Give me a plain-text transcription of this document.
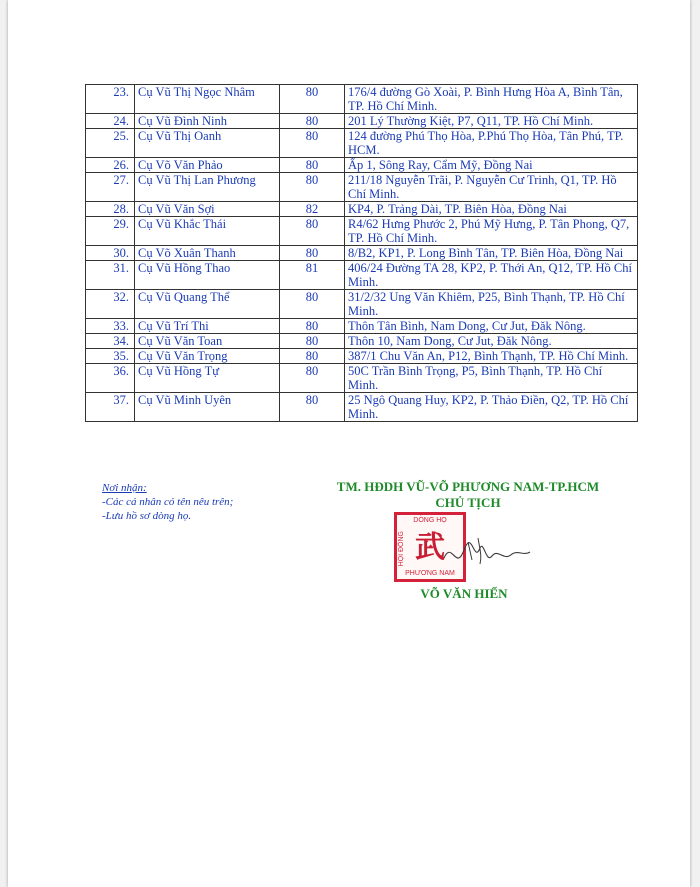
23.	Cụ Vũ Thị Ngọc Nhâm	80	176/4 đường Gò Xoài, P. Bình Hưng Hòa A, Bình Tân, TP. Hồ Chí Minh.
24.	Cụ Vũ Đình Ninh	80	201 Lý Thường Kiệt, P7, Q11, TP. Hồ Chí Minh.
25.	Cụ Vũ Thị Oanh	80	124 đường Phú Thọ Hòa, P.Phú Thọ Hòa, Tân Phú, TP. HCM.
26.	Cụ Võ Văn Phảo	80	Ấp 1, Sông Ray, Cẩm Mỹ, Đồng Nai
27.	Cụ Vũ Thị Lan Phương	80	211/18 Nguyễn Trãi, P. Nguyễn Cư Trinh, Q1, TP. Hồ Chí Minh.
28.	Cụ Vũ Văn Sợi	82	KP4, P. Trảng Dài, TP. Biên Hòa, Đồng Nai
29.	Cụ Vũ Khắc Thái	80	R4/62 Hưng Phước 2, Phú Mỹ Hưng, P. Tân Phong, Q7, TP. Hồ Chí Minh.
30.	Cụ Võ Xuân Thanh	80	8/B2, KP1, P. Long Bình Tân, TP. Biên Hòa, Đồng Nai
31.	Cụ Vũ Hồng Thao	81	406/24 Đường TA 28, KP2, P. Thới An, Q12, TP. Hồ Chí Minh.
32.	Cụ Vũ Quang Thể	80	31/2/32 Ung Văn Khiêm, P25, Bình Thạnh, TP. Hồ Chí Minh.
33.	Cụ Vũ Trí Thi	80	Thôn Tân Bình, Nam Dong, Cư Jut, Đăk Nông.
34.	Cụ Vũ Văn Toan	80	Thôn 10, Nam Dong, Cư Jut, Đăk Nông.
35.	Cụ Vũ Văn Trọng	80	387/1 Chu Văn An, P12, Bình Thạnh, TP. Hồ Chí Minh.
36.	Cụ Vũ Hồng Tự	80	50C Trần Bình Trọng, P5, Bình Thạnh, TP. Hồ Chí Minh.
37.	Cụ Vũ Minh Uyên	80	25 Ngô Quang Huy, KP2, P. Thảo Điền, Q2, TP. Hồ Chí Minh.
Nơi nhận:
-Các cá nhân có tên nêu trên;
-Lưu hồ sơ dòng họ.
TM. HĐDH VŨ-VÕ PHƯƠNG NAM-TP.HCM
CHỦ TỊCH
DÒNG HỌ
HỘI ĐỒNG 武
PHƯƠNG NAM
VÕ VĂN HIẾN
